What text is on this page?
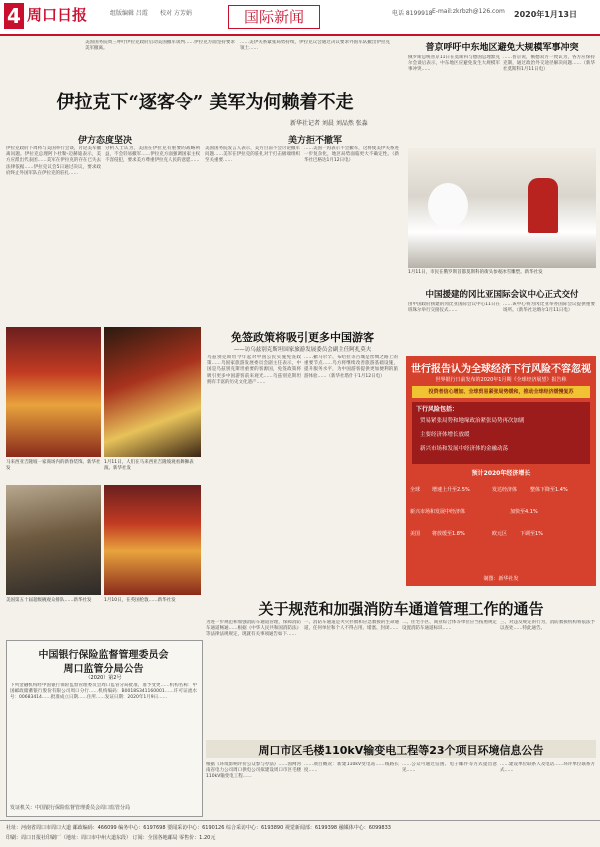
4 周口日报	组版编辑 吕霞 校对 方芳娟	国际新闻	电话 8199918 E-mail:zkrbzh@126.com 2020年1月13日
美国国务院周三呼吁伊拉克政府启动美国撤军谈判……伊拉克方面坚持要求美军撤离。
……美伊关系紧张局势持续，伊拉克议会通过决议要求外国军队撤出伊拉克领土……
伊拉克下“逐客令” 美军为何赖着不走
新华社记者 刘晨 刘品然 张淼
伊方态度坚决	美方拒不撤军
伊拉克政府下周将与美国举行会谈，讨论美军撤离问题。伊拉克总理阿卜杜勒-迈赫迪表示，美方应派出代表团……美军在伊拉克的存在已失去法律依据……伊拉克议会5日通过决议，要求政府终止外国军队在伊拉克的驻扎……
分析人士认为，美国在伊拉克有重要的战略利益，不会轻易撤军……伊拉克方面强调国家主权不容侵犯，要求美方尊重伊拉克人民的意愿……
美国国务院发言人表示，美方目前不会讨论撤军问题……美军在伊拉克的驻扎对于打击极端组织至关重要……
……美国一再表示不会撤军，这将使美伊关系进一步复杂化，地区局势面临更大不确定性。（新华社巴格达1月12日电）
马来西亚吉隆坡一家商场内的新春装饰。新华社发
1月11日，人们在马来西亚吉隆坡观看舞狮表演。新华社发
美国第五十届超级碗观众排队……新华社发	1月10日，在英国伦敦……新华社发
免签政策将吸引更多中国游客
——访乌兹别克斯坦国家旅游发展委员会副主任阿扎莫夫
乌兹别克斯坦今年起对中国公民实施免签政策……乌国家旅游发展委员会副主任表示，中国是乌兹别克斯坦重要的客源国，免签政策将吸引更多中国游客前来观光……乌兹别克斯坦拥有丰富的历史文化遗产……
……撒马尔罕、布哈拉等古城是丝绸之路上的重要节点……乌方将继续改善旅游基础设施，提升服务水平，为中国游客提供更加便利的旅游体验……（新华社塔什干1月12日电）
普京呼吁中东地区避免大规模军事冲突
俄罗斯总统普京11日在莫斯科与德国总理默克尔会谈后表示，中东地区应避免发生大规模军事冲突……
……普京说，俄德双方一致认为，各方应保持克制，通过政治外交途径解决问题……（新华社莫斯科1月11日电）
1月11日，市民在俄罗斯首都莫斯科的街头参观冰雪雕塑。新华社发
中国援建的冈比亚国际会议中心正式交付
由中国政府援建的冈比亚国际会议中心11日在班珠尔举行交接仪式……
……该中心将为冈比亚举办国际会议提供重要场所。（新华社达喀尔1月11日电）
世行报告认为全球经济下行风险不容忽视
世界银行日前发布的2020年1月期《全球经济展望》报告称
投资者信心增加、全球贸易紧张局势缓和，推动全球经济缓慢复苏
下行风险包括：
贸易紧张局势和地缘政治紧张局势再次加剧
主要经济体增长放缓
新兴市场和发展中经济体的金融动荡
预计2020年经济增长
全球 增速上升至2.5%	发达经济体	整体下降至1.4%
新兴市场和发展中经济体	加快至4.1%
美国 将放缓至1.8%	欧元区	下调至1%
制图：新华社发
关于规范和加强消防车通道管理工作的通告
为进一步规范和加强消防车通道管理，保障消防车通道畅通……根据《中华人民共和国消防法》等法律法规规定，现就有关事项通告如下……
一、消防车通道是火灾扑救和应急救援的生命通道，任何单位和个人不得占用、堵塞、封闭……
二、住宅小区、商业综合体等单位应当按照规定设置消防车通道标识……
三、对违反规定的行为，消防救援机构将依法予以查处……特此通告。
中国银行保险监督管理委员会
周口监管分局公告
（2020）第2号
下列金融机构经中国银行保险监督管理委员会周口监管分局批准，准予变更……机构名称：中国邮政储蓄银行股份有限公司周口分行……机构编码：B0018S341160001……许可证流水号：00683414……批准成立日期……住所……发证日期：2020年1月9日……
发证机关：中国银行保险监督管理委员会周口监管分局
周口市区毛楼110kV输变电工程等23个项目环境信息公告
根据《环境影响评价公众参与办法》……国网河南省电力公司周口供电公司拟建设周口市区毛楼110kV输变电工程……
……项目概况：新建110kV变电站……线路长度……
……公众可通过信函、电子邮件等方式提出意见……
……建设单位联系人及电话……环评单位联系方式……
社址：河南省周口市周口大道 邮政编码：466099 编务中心：6197698 要闻采访中心：6190126 综合采访中心：6193890 视觉新闻部：6199398 融媒体中心：6099833
印刷：周口日报社印刷厂（地址：周口市中州大道东段） 订阅：全国各地邮局 零售价：1.20元
